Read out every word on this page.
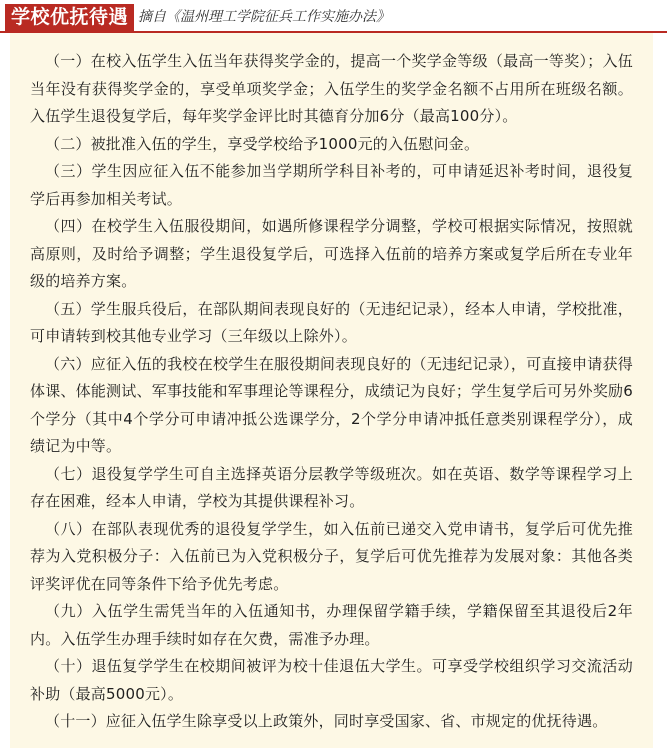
学校优抚待遇 摘自《温州理工学院征兵工作实施办法》

（一）在校入伍学生入伍当年获得奖学金的，提高一个奖学金等级（最高一等奖）；入伍当年没有获得奖学金的，享受单项奖学金；入伍学生的奖学金名额不占用所在班级名额。入伍学生退役复学后，每年奖学金评比时其德育分加6分（最高100分）。

（二）被批准入伍的学生，享受学校给予1000元的入伍慰问金。

（三）学生因应征入伍不能参加当学期所学科目补考的，可申请延迟补考时间，退役复学后再参加相关考试。

（四）在校学生入伍服役期间，如遇所修课程学分调整，学校可根据实际情况，按照就高原则，及时给予调整；学生退役复学后，可选择入伍前的培养方案或复学后所在专业年级的培养方案。

（五）学生服兵役后，在部队期间表现良好的（无违纪记录），经本人申请，学校批准，可申请转到校其他专业学习（三年级以上除外）。

（六）应征入伍的我校在校学生在服役期间表现良好的（无违纪记录），可直接申请获得体课、体能测试、军事技能和军事理论等课程分，成绩记为良好；学生复学后可另外奖励6个学分（其中4个学分可申请冲抵公选课学分，2个学分申请冲抵任意类别课程学分），成绩记为中等。

（七）退役复学学生可自主选择英语分层教学等级班次。如在英语、数学等课程学习上存在困难，经本人申请，学校为其提供课程补习。

（八）在部队表现优秀的退役复学学生，如入伍前已递交入党申请书，复学后可优先推荐为入党积极分子：入伍前已为入党积极分子，复学后可优先推荐为发展对象：其他各类评奖评优在同等条件下给予优先考虑。

（九）入伍学生需凭当年的入伍通知书，办理保留学籍手续，学籍保留至其退役后2年内。入伍学生办理手续时如存在欠费，需准予办理。

（十）退伍复学学生在校期间被评为校十佳退伍大学生。可享受学校组织学习交流活动补助（最高5000元）。

（十一）应征入伍学生除享受以上政策外，同时享受国家、省、市规定的优抚待遇。
